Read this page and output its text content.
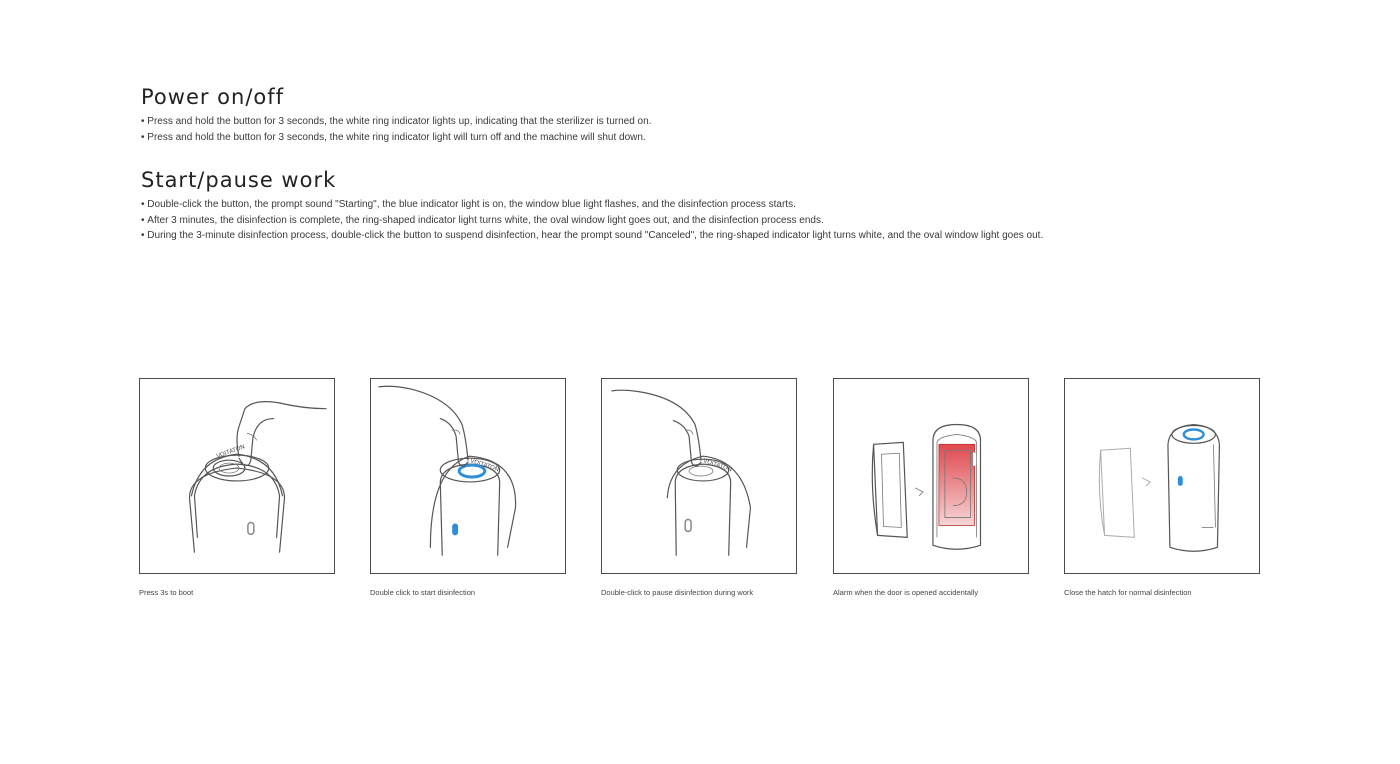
Power on/off
• Press and hold the button for 3 seconds, the white ring indicator lights up, indicating that the sterilizer is turned on.
• Press and hold the button for 3 seconds, the white ring indicator light will turn off and the machine will shut down.
Start/pause work
• Double-click the button, the prompt sound "Starting", the blue indicator light is on, the window blue light flashes, and the disinfection process starts.
• After 3 minutes, the disinfection is complete, the ring-shaped indicator light turns white, the oval window light goes out, and the disinfection process ends.
• During the 3-minute disinfection process, double-click the button to suspend disinfection, hear the prompt sound "Canceled", the ring-shaped indicator light turns white, and the oval window light goes out.
VOITATON
Press 3s to boot
VOITATON
Double click to start disinfection
VOITATON
Double-click to pause disinfection during work	Alarm when the door is opened accidentally	Close the hatch for normal disinfection
